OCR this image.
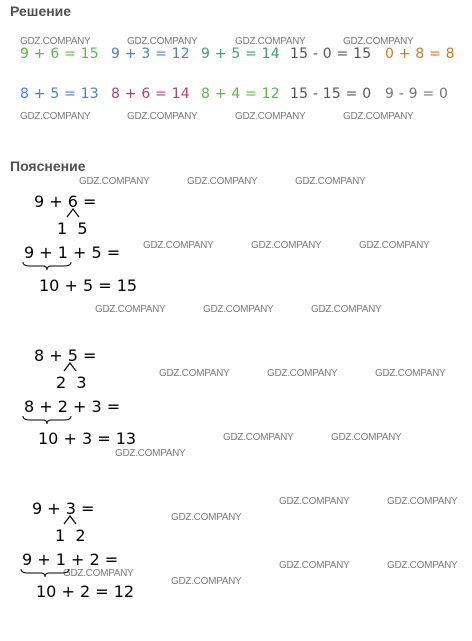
Решение
Пояснение
9 + 6 = 15 9 + 3 = 12 9 + 5 = 14 15 - 0 = 15 0 + 8 = 8
8 + 5 = 13 8 + 6 = 14 8 + 4 = 12 15 - 15 = 0 9 - 9 = 0
GDZ.COMPANY	GDZ.COMPANY	GDZ.COMPANY	GDZ.COMPANY
GDZ.COMPANY	GDZ.COMPANY	GDZ.COMPANY	GDZ.COMPANY
GDZ.COMPANY	GDZ.COMPANY	GDZ.COMPANY
GDZ.COMPANY	GDZ.COMPANY	GDZ.COMPANY
GDZ.COMPANY	GDZ.COMPANY	GDZ.COMPANY
GDZ.COMPANY	GDZ.COMPANY	GDZ.COMPANY
GDZ.COMPANY	GDZ.COMPANY
GDZ.COMPANY
GDZ.COMPANY	GDZ.COMPANY
GDZ.COMPANY
GDZ.COMPANY	GDZ.COMPANY
GDZ.COMPANY
GDZ.COMPANY
9 + 6 =
1  5
9 + 1 + 5 =
10 + 5 = 15
8 + 5 =
2  3
8 + 2 + 3 =
10 + 3 = 13
9 + 3 =
1  2
9 + 1 + 2 =
10 + 2 = 12
